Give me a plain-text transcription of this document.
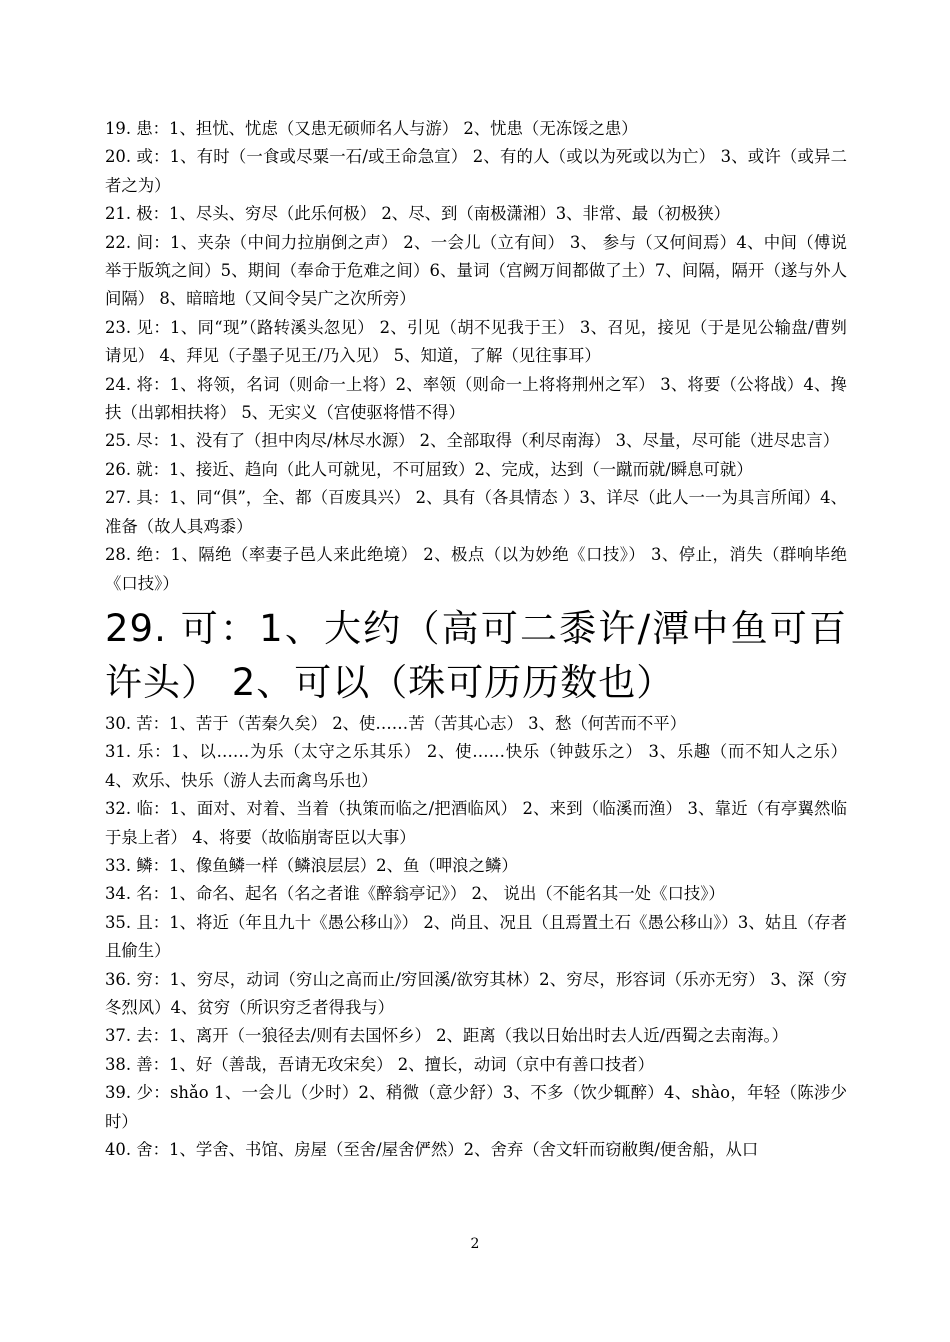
19. 患：1、担忧、忧虑（又患无硕师名人与游） 2、忧患（无冻馁之患）

20. 或：1、有时（一食或尽粟一石/或王命急宣） 2、有的人（或以为死或以为亡） 3、或许（或异二者之为）

21. 极：1、尽头、穷尽（此乐何极） 2、尽、到（南极潇湘）3、非常、最（初极狭）

22. 间：1、夹杂（中间力拉崩倒之声） 2、一会儿（立有间） 3、 参与（又何间焉）4、中间（傅说举于版筑之间）5、期间（奉命于危难之间）6、量词（宫阙万间都做了土）7、间隔，隔开（遂与外人间隔） 8、暗暗地（又间令吴广之次所旁）

23. 见：1、同“现”（路转溪头忽见） 2、引见（胡不见我于王） 3、召见，接见（于是见公输盘/曹刿请见） 4、拜见（子墨子见王/乃入见） 5、知道，了解（见往事耳）

24. 将：1、将领，名词（则命一上将）2、率领（则命一上将将荆州之军） 3、将要（公将战）4、搀扶（出郭相扶将） 5、无实义（宫使驱将惜不得）

25. 尽：1、没有了（担中肉尽/林尽水源） 2、全部取得（利尽南海） 3、尽量，尽可能（进尽忠言）

26. 就：1、接近、趋向（此人可就见，不可屈致）2、完成，达到（一蹴而就/瞬息可就）

27. 具：1、同“俱”，全、都（百废具兴） 2、具有（各具情态 ）3、详尽（此人一一为具言所闻）4、准备（故人具鸡黍）

28. 绝：1、隔绝（率妻子邑人来此绝境） 2、极点（以为妙绝《口技》） 3、停止，消失（群响毕绝《口技》）

29. 可：1、大约（高可二黍许/潭中鱼可百许头） 2、可以（珠可历历数也）

30. 苦：1、苦于（苦秦久矣） 2、使……苦（苦其心志） 3、愁（何苦而不平）

31. 乐：1、以……为乐（太守之乐其乐） 2、使……快乐（钟鼓乐之） 3、乐趣（而不知人之乐） 4、欢乐、快乐（游人去而禽鸟乐也）

32. 临：1、面对、对着、当着（执策而临之/把酒临风） 2、来到（临溪而渔） 3、靠近（有亭翼然临于泉上者） 4、将要（故临崩寄臣以大事）

33. 鳞：1、像鱼鳞一样（鳞浪层层）2、鱼（呷浪之鳞）

34. 名：1、命名、起名（名之者谁《醉翁亭记》） 2、 说出（不能名其一处《口技》）

35. 且：1、将近（年且九十《愚公移山》） 2、尚且、况且（且焉置土石《愚公移山》）3、姑且（存者且偷生）

36. 穷：1、穷尽，动词（穷山之高而止/穷回溪/欲穷其林）2、穷尽，形容词（乐亦无穷） 3、深（穷冬烈风）4、贫穷（所识穷乏者得我与）

37. 去：1、离开（一狼径去/则有去国怀乡） 2、距离（我以日始出时去人近/西蜀之去南海。）

38. 善：1、好（善哉，吾请无攻宋矣） 2、擅长，动词（京中有善口技者）

39. 少：shǎo 1、一会儿（少时）2、稍微（意少舒）3、不多（饮少辄醉）4、shào，年轻（陈涉少时）

40. 舍：1、学舍、书馆、房屋（至舍/屋舍俨然）2、舍弃（舍文轩而窃敝舆/便舍船，从口

2
